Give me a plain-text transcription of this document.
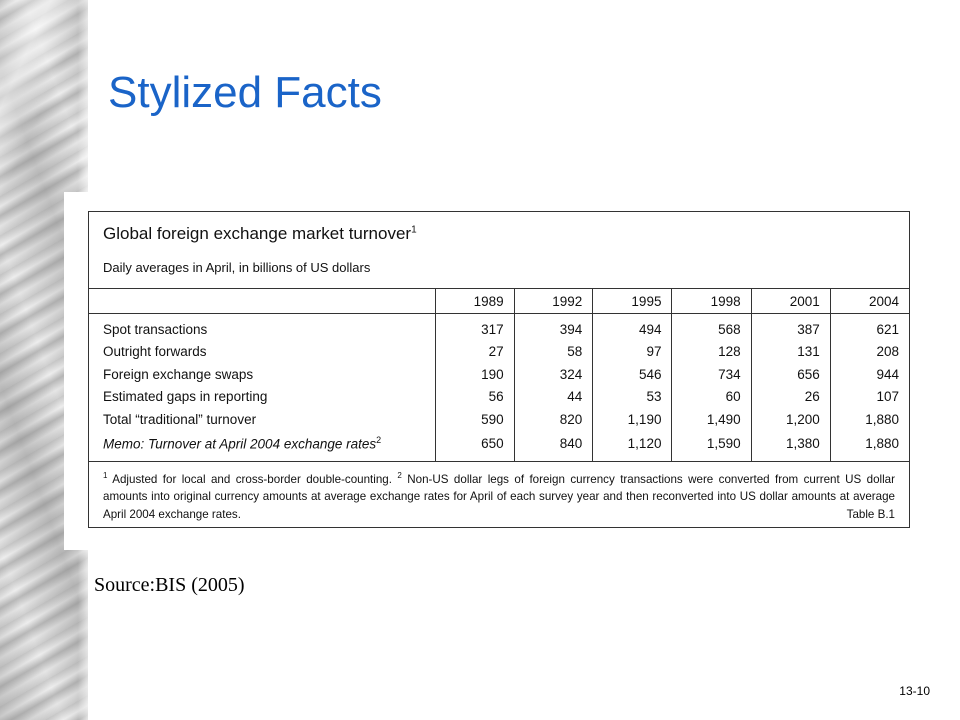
Stylized Facts
Global foreign exchange market turnover$^1$
Daily averages in April, in billions of US dollars
	1989	1992	1995	1998	2001	2004
Spot transactions	317	394	494	568	387	621
Outright forwards	27	58	97	128	131	208
Foreign exchange swaps	190	324	546	734	656	944
Estimated gaps in reporting	56	44	53	60	26	107
Total “traditional” turnover	590	820	1,190	1,490	1,200	1,880
Memo: Turnover at April 2004 exchange rates$^2$	650	840	1,120	1,590	1,380	1,880
$^1$ Adjusted for local and cross-border double-counting. $^2$ Non-US dollar legs of foreign currency transactions were converted from current US dollar amounts into original currency amounts at average exchange rates for April of each survey year and then reconverted into US dollar amounts at average April 2004 exchange rates.	Table B.1
Source:BIS (2005)
13-10
